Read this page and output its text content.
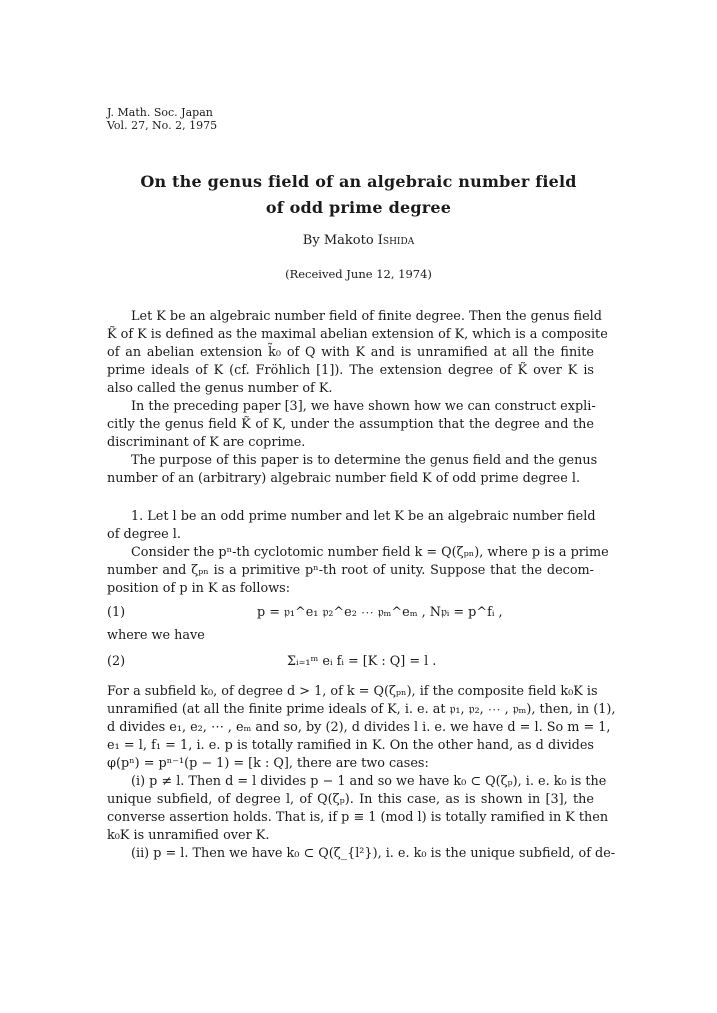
J. Math. Soc. Japan
Vol. 27, No. 2, 1975
On the genus field of an algebraic number field
of odd prime degree
By Makoto Ishida
(Received June 12, 1974)
Let K be an algebraic number field of finite degree. Then the genus field
K̃ of K is defined as the maximal abelian extension of K, which is a composite
of an abelian extension k̃₀ of Q with K and is unramified at all the finite
prime ideals of K (cf. Fröhlich [1]). The extension degree of K̃ over K is
also called the genus number of K.
In the preceding paper [3], we have shown how we can construct expli-
citly the genus field K̃ of K, under the assumption that the degree and the
discriminant of K are coprime.
The purpose of this paper is to determine the genus field and the genus
number of an (arbitrary) algebraic number field K of odd prime degree l.
1. Let l be an odd prime number and let K be an algebraic number field
of degree l.
Consider the pⁿ-th cyclotomic number field k = Q(ζₚₙ), where p is a prime
number and ζₚₙ is a primitive pⁿ-th root of unity. Suppose that the decom-
position of p in K as follows:
(1)	p = 𝔭₁^e₁ 𝔭₂^e₂ ⋯ 𝔭ₘ^eₘ , N𝔭ᵢ = p^fᵢ ,
where we have
(2)	Σᵢ₌₁ᵐ eᵢ fᵢ = [K : Q] = l .
For a subfield k₀, of degree d > 1, of k = Q(ζₚₙ), if the composite field k₀K is
unramified (at all the finite prime ideals of K, i. e. at 𝔭₁, 𝔭₂, ⋯ , 𝔭ₘ), then, in (1),
d divides e₁, e₂, ⋯ , eₘ and so, by (2), d divides l i. e. we have d = l. So m = 1,
e₁ = l, f₁ = 1, i. e. p is totally ramified in K. On the other hand, as d divides
φ(pⁿ) = pⁿ⁻¹(p − 1) = [k : Q], there are two cases:
(i) p ≠ l. Then d = l divides p − 1 and so we have k₀ ⊂ Q(ζₚ), i. e. k₀ is the
unique subfield, of degree l, of Q(ζₚ). In this case, as is shown in [3], the
converse assertion holds. That is, if p ≡ 1 (mod l) is totally ramified in K then
k₀K is unramified over K.
(ii) p = l. Then we have k₀ ⊂ Q(ζ_{l²}), i. e. k₀ is the unique subfield, of de-
